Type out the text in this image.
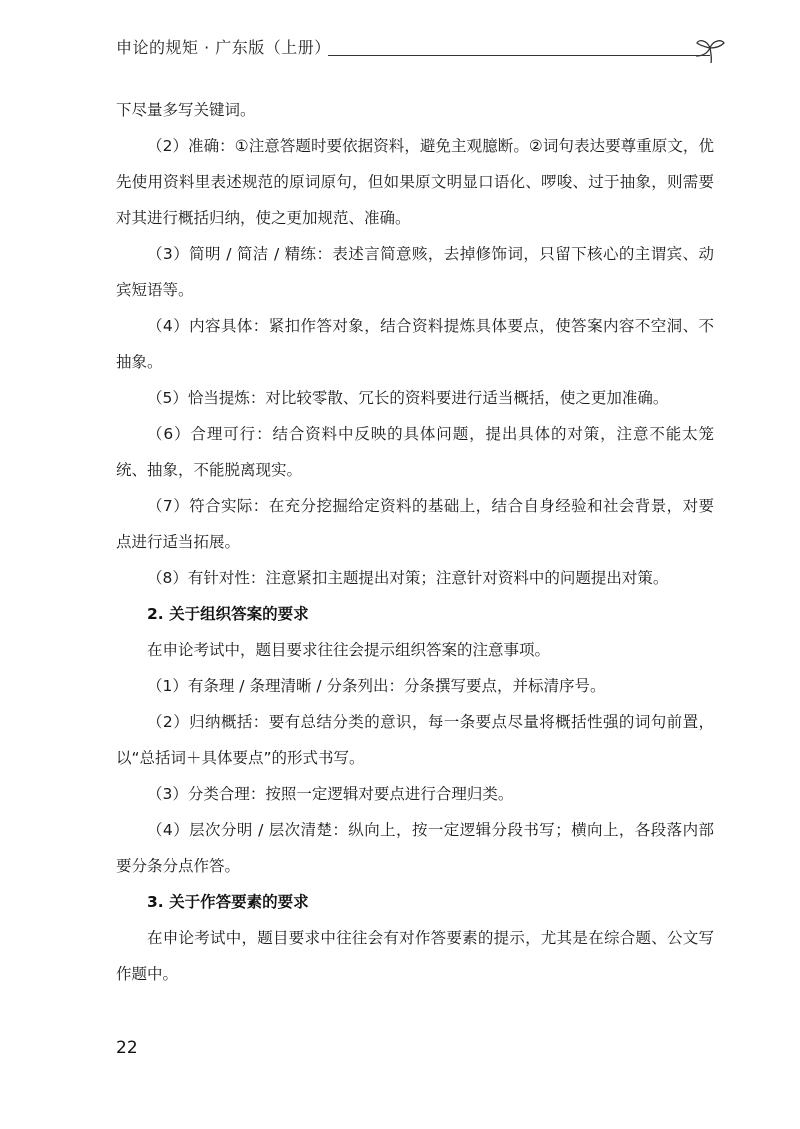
申论的规矩 · 广东版（上册）

下尽量多写关键词。

（2）准确：①注意答题时要依据资料，避免主观臆断。②词句表达要尊重原文，优先使用资料里表述规范的原词原句，但如果原文明显口语化、啰唆、过于抽象，则需要对其进行概括归纳，使之更加规范、准确。

（3）简明 / 简洁 / 精练：表述言简意赅，去掉修饰词，只留下核心的主谓宾、动宾短语等。

（4）内容具体：紧扣作答对象，结合资料提炼具体要点，使答案内容不空洞、不抽象。

（5）恰当提炼：对比较零散、冗长的资料要进行适当概括，使之更加准确。

（6）合理可行：结合资料中反映的具体问题，提出具体的对策，注意不能太笼统、抽象，不能脱离现实。

（7）符合实际：在充分挖掘给定资料的基础上，结合自身经验和社会背景，对要点进行适当拓展。

（8）有针对性：注意紧扣主题提出对策；注意针对资料中的问题提出对策。

2. 关于组织答案的要求

在申论考试中，题目要求往往会提示组织答案的注意事项。

（1）有条理 / 条理清晰 / 分条列出：分条撰写要点，并标清序号。

（2）归纳概括：要有总结分类的意识，每一条要点尽量将概括性强的词句前置，以“总括词＋具体要点”的形式书写。

（3）分类合理：按照一定逻辑对要点进行合理归类。

（4）层次分明 / 层次清楚：纵向上，按一定逻辑分段书写；横向上，各段落内部要分条分点作答。

3. 关于作答要素的要求

在申论考试中，题目要求中往往会有对作答要素的提示，尤其是在综合题、公文写作题中。

22
